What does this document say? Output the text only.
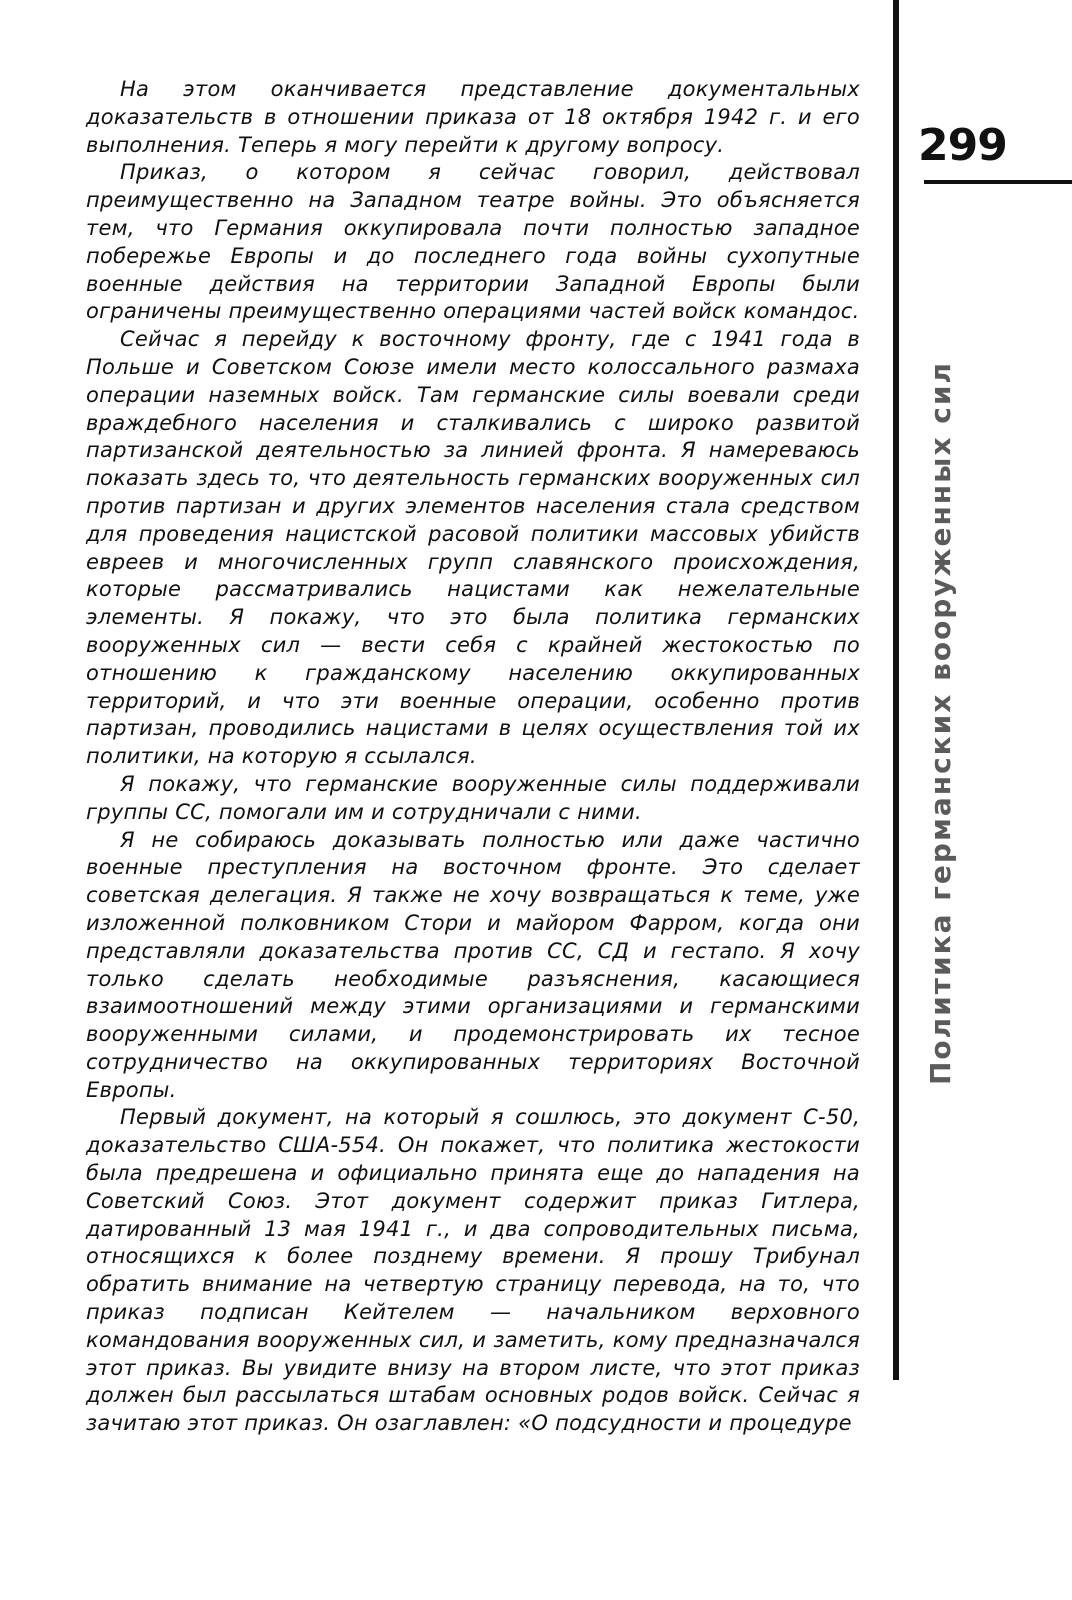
На этом оканчивается представление документальных доказательств в отношении приказа от 18 октября 1942 г. и его выполнения. Теперь я могу перейти к другому вопросу.

Приказ, о котором я сейчас говорил, действовал преимущественно на Западном театре войны. Это объясняется тем, что Германия оккупировала почти полностью западное побережье Европы и до последнего года войны сухопутные военные действия на территории Западной Европы были ограничены преимущественно операциями частей войск командос.

Сейчас я перейду к восточному фронту, где с 1941 года в Польше и Советском Союзе имели место колоссального размаха операции наземных войск. Там германские силы воевали среди враждебного населения и сталкивались с широко развитой партизанской деятельностью за линией фронта. Я намереваюсь показать здесь то, что деятельность германских вооруженных сил против партизан и других элементов населения стала средством для проведения нацистской расовой политики массовых убийств евреев и многочисленных групп славянского происхождения, которые рассматривались нацистами как нежелательные элементы. Я покажу, что это была политика германских вооруженных сил — вести себя с крайней жестокостью по отношению к гражданскому населению оккупированных территорий, и что эти военные операции, особенно против партизан, проводились нацистами в целях осуществления той их политики, на которую я ссылался.

Я покажу, что германские вооруженные силы поддерживали группы СС, помогали им и сотрудничали с ними.

Я не собираюсь доказывать полностью или даже частично военные преступления на восточном фронте. Это сделает советская делегация. Я также не хочу возвращаться к теме, уже изложенной полковником Стори и майором Фарром, когда они представляли доказательства против СС, СД и гестапо. Я хочу только сделать необходимые разъяснения, касающиеся взаимоотношений между этими организациями и германскими вооруженными силами, и продемонстрировать их тесное сотрудничество на оккупированных территориях Восточной Европы.

Первый документ, на который я сошлюсь, это документ С-50, доказательство США-554. Он покажет, что политика жестокости была предрешена и официально принята еще до нападения на Советский Союз. Этот документ содержит приказ Гитлера, датированный 13 мая 1941 г., и два сопроводительных письма, относящихся к более позднему времени. Я прошу Трибунал обратить внимание на четвертую страницу перевода, на то, что приказ подписан Кейтелем — начальником верховного командования вооруженных сил, и заметить, кому предназначался этот приказ. Вы увидите внизу на втором листе, что этот приказ должен был рассылаться штабам основных родов войск. Сейчас я зачитаю этот приказ. Он озаглавлен: «О подсудности и процедуре

299
Политика германских вооруженных сил
